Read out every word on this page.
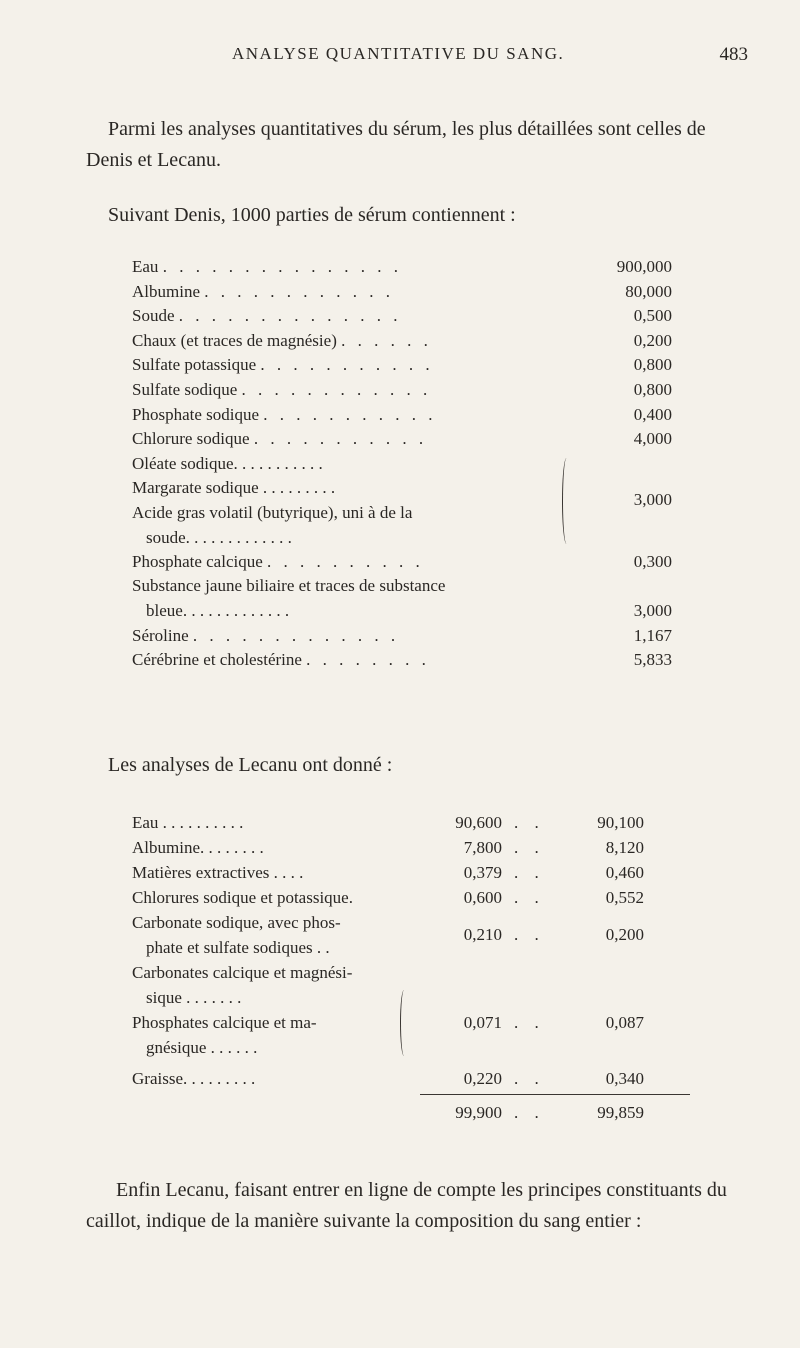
ANALYSE QUANTITATIVE DU SANG.	483

Parmi les analyses quantitatives du sérum, les plus détaillées sont celles de Denis et Lecanu.

Suivant Denis, 1000 parties de sérum contiennent :

Eau . . . . . . . . . . . . . . .	900,000
Albumine . . . . . . . . . . . .	80,000
Soude . . . . . . . . . . . . . .	0,500
Chaux (et traces de magnésie) . . . . . .	0,200
Sulfate potassique . . . . . . . . . . .	0,800
Sulfate sodique . . . . . . . . . . . .	0,800
Phosphate sodique . . . . . . . . . . .	0,400
Chlorure sodique . . . . . . . . . . .	4,000
Oléate sodique. . . . . . . . . . .
Margarate sodique . . . . . . . . .
Acide gras volatil (butyrique), uni à de la
soude. . . . . . . . . . . . .
3,000
Phosphate calcique . . . . . . . . . .	0,300
Substance jaune biliaire et traces de substance
bleue. . . . . . . . . . . . .	3,000
Séroline . . . . . . . . . . . . .	1,167
Cérébrine et cholestérine . . . . . . . .	5,833

Les analyses de Lecanu ont donné :

Eau . . . . . . . . . .	90,600 . .	90,100
Albumine. . . . . . . .	7,800 . .	8,120
Matières extractives . . . .	0,379 . .	0,460
Chlorures sodique et potassique.	0,600 . .	0,552
Carbonate sodique, avec phos-
phate et sulfate sodiques . .
0,210 . .	0,200
Carbonates calcique et magnési-
sique . . . . . . .
Phosphates calcique et ma-
gnésique . . . . . .
0,071 . .	0,087
Graisse. . . . . . . . .	0,220 . .	0,340
99,900 . .	99,859

Enfin Lecanu, faisant entrer en ligne de compte les principes constituants du caillot, indique de la manière suivante la composition du sang entier :
